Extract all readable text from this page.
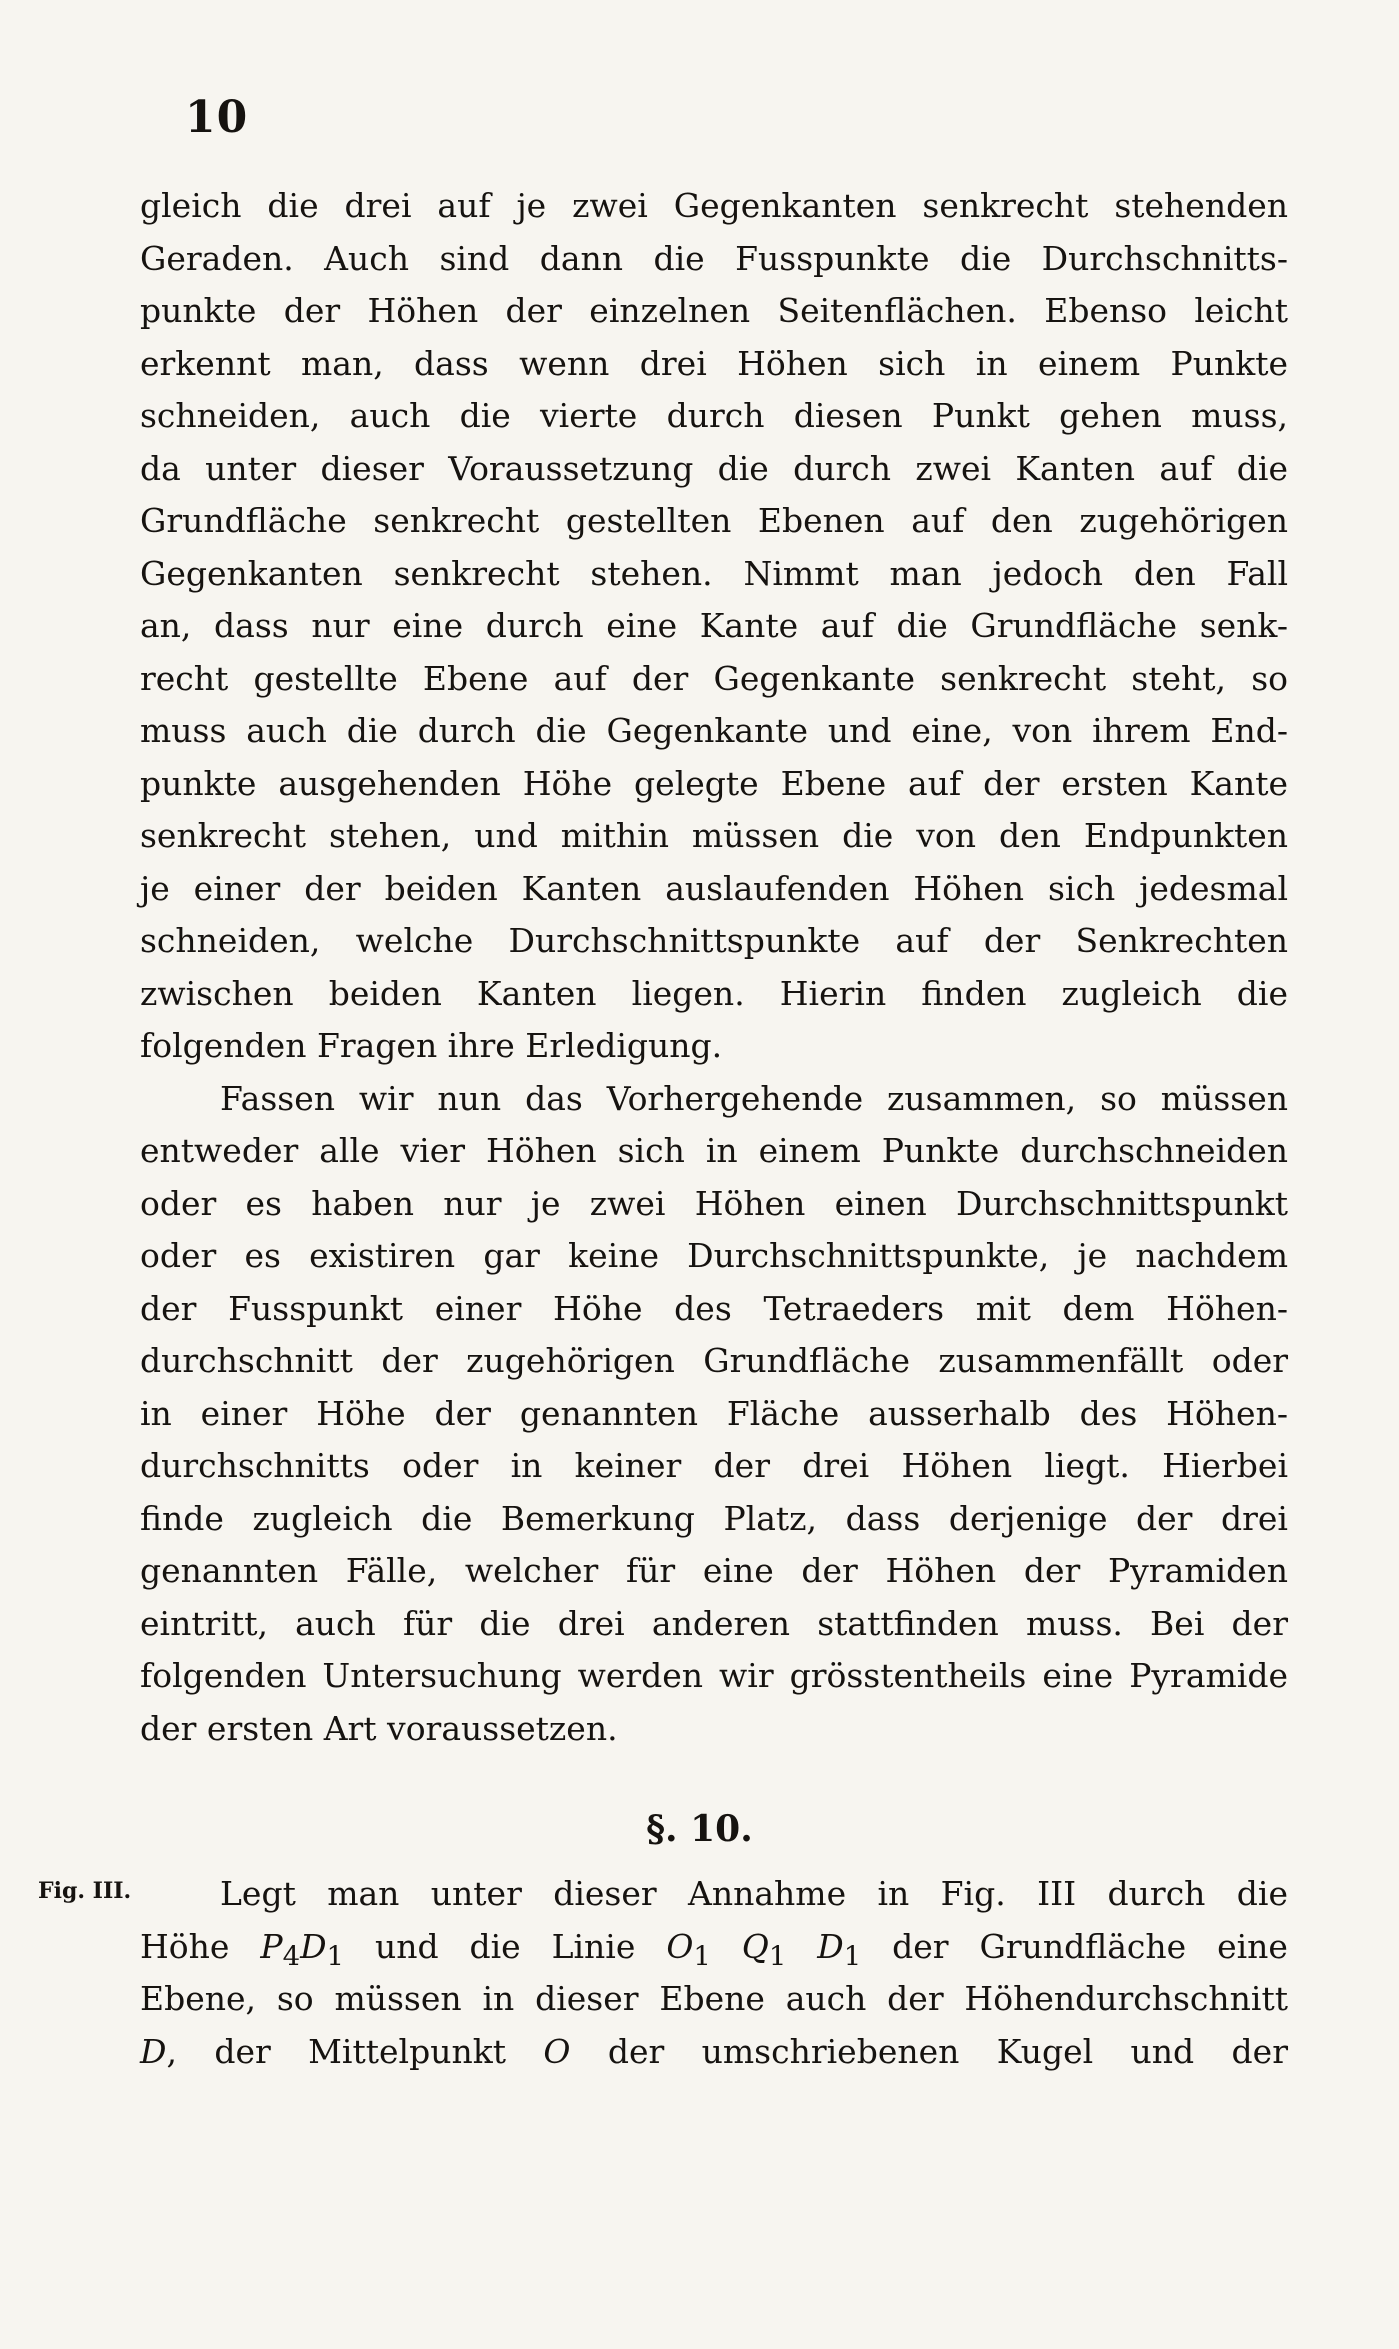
10
gleich die drei auf je zwei Gegenkanten senkrecht stehenden
Geraden. Auch sind dann die Fusspunkte die Durchschnitts-
punkte der Höhen der einzelnen Seitenflächen. Ebenso leicht
erkennt man, dass wenn drei Höhen sich in einem Punkte
schneiden, auch die vierte durch diesen Punkt gehen muss,
da unter dieser Voraussetzung die durch zwei Kanten auf die
Grundfläche senkrecht gestellten Ebenen auf den zugehörigen
Gegenkanten senkrecht stehen. Nimmt man jedoch den Fall
an, dass nur eine durch eine Kante auf die Grundfläche senk-
recht gestellte Ebene auf der Gegenkante senkrecht steht, so
muss auch die durch die Gegenkante und eine, von ihrem End-
punkte ausgehenden Höhe gelegte Ebene auf der ersten Kante
senkrecht stehen, und mithin müssen die von den Endpunkten
je einer der beiden Kanten auslaufenden Höhen sich jedesmal
schneiden, welche Durchschnittspunkte auf der Senkrechten
zwischen beiden Kanten liegen. Hierin finden zugleich die
folgenden Fragen ihre Erledigung.
Fassen wir nun das Vorhergehende zusammen, so müssen
entweder alle vier Höhen sich in einem Punkte durchschneiden
oder es haben nur je zwei Höhen einen Durchschnittspunkt
oder es existiren gar keine Durchschnittspunkte, je nachdem
der Fusspunkt einer Höhe des Tetraeders mit dem Höhen-
durchschnitt der zugehörigen Grundfläche zusammenfällt oder
in einer Höhe der genannten Fläche ausserhalb des Höhen-
durchschnitts oder in keiner der drei Höhen liegt. Hierbei
finde zugleich die Bemerkung Platz, dass derjenige der drei
genannten Fälle, welcher für eine der Höhen der Pyramiden
eintritt, auch für die drei anderen stattfinden muss. Bei der
folgenden Untersuchung werden wir grösstentheils eine Pyramide
der ersten Art voraussetzen.
§. 10.
Fig. III.	Legt man unter dieser Annahme in Fig. III durch die
Höhe $P_4D_1$ und die Linie $O_1$ $Q_1$ $D_1$ der Grundfläche eine
Ebene, so müssen in dieser Ebene auch der Höhendurchschnitt
D, der Mittelpunkt O der umschriebenen Kugel und der
